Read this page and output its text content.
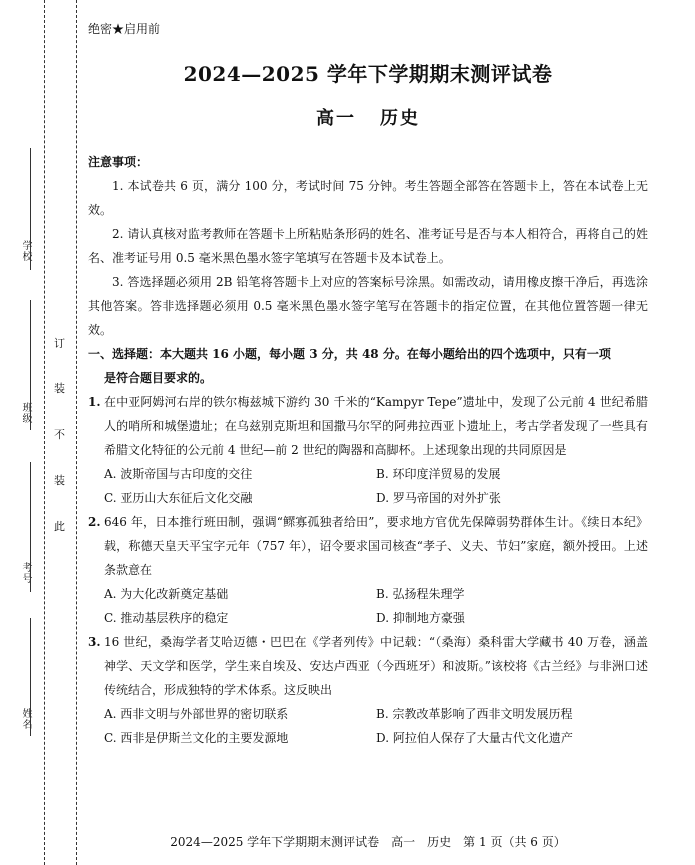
学校
班级
考号
姓名
订
装
不
装
此
绝密★启用前
2024—2025 学年下学期期末测评试卷
高一 历史
注意事项：
1. 本试卷共 6 页，满分 100 分，考试时间 75 分钟。考生答题全部答在答题卡上，答在本试卷上无效。
2. 请认真核对监考教师在答题卡上所粘贴条形码的姓名、准考证号是否与本人相符合，再将自己的姓名、准考证号用 0.5 毫米黑色墨水签字笔填写在答题卡及本试卷上。
3. 答选择题必须用 2B 铅笔将答题卡上对应的答案标号涂黑。如需改动，请用橡皮擦干净后，再选涂其他答案。答非选择题必须用 0.5 毫米黑色墨水签字笔写在答题卡的指定位置，在其他位置答题一律无效。
一、选择题：本大题共 16 小题，每小题 3 分，共 48 分。在每小题给出的四个选项中，只有一项
是符合题目要求的。
1. 在中亚阿姆河右岸的铁尔梅兹城下游约 30 千米的“Kampyr Tepe”遗址中，发现了公元前 4 世纪希腊人的哨所和城堡遗址；在乌兹别克斯坦和国撒马尔罕的阿弗拉西亚卜遗址上，考古学者发现了一些具有希腊文化特征的公元前 4 世纪—前 2 世纪的陶器和高脚杯。上述现象出现的共同原因是
A. 波斯帝国与古印度的交往	B. 环印度洋贸易的发展
C. 亚历山大东征后文化交融	D. 罗马帝国的对外扩张
2. 646 年，日本推行班田制，强调“鳏寡孤独者给田”，要求地方官优先保障弱势群体生计。《续日本纪》载，称德天皇天平宝字元年（757 年），诏令要求国司核查“孝子、义夫、节妇”家庭，额外授田。上述条款意在
A. 为大化改新奠定基础	B. 弘扬程朱理学
C. 推动基层秩序的稳定	D. 抑制地方豪强
3. 16 世纪，桑海学者艾哈迈德・巴巴在《学者列传》中记载：“（桑海）桑科雷大学藏书 40 万卷，涵盖神学、天文学和医学，学生来自埃及、安达卢西亚（今西班牙）和波斯。”该校将《古兰经》与非洲口述传统结合，形成独特的学术体系。这反映出
A. 西非文明与外部世界的密切联系	B. 宗教改革影响了西非文明发展历程
C. 西非是伊斯兰文化的主要发源地	D. 阿拉伯人保存了大量古代文化遗产
2024—2025 学年下学期期末测评试卷　高一　历史　第 1 页（共 6 页）
